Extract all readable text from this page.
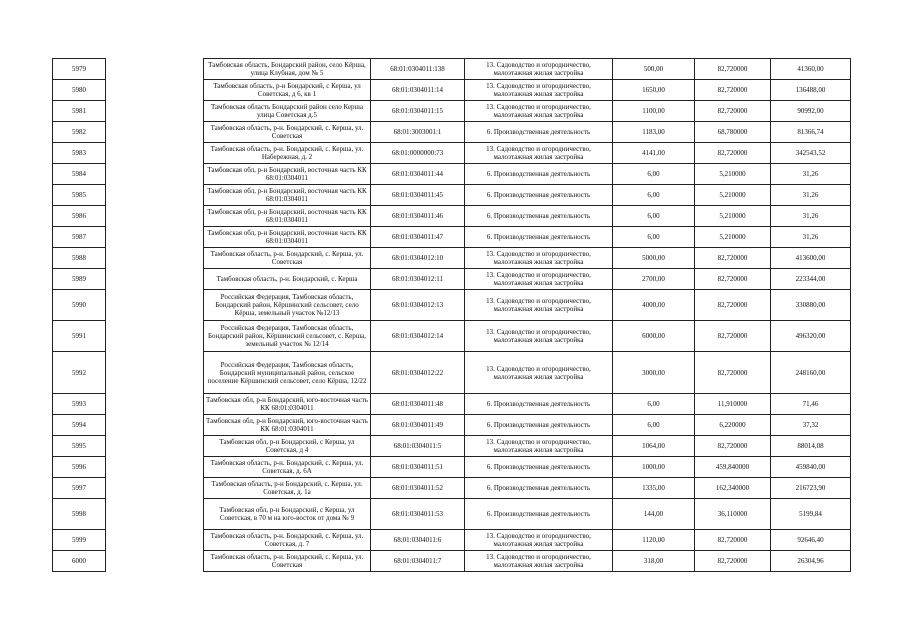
5979		Тамбовская область, Бондарский район, село Кёрша, улица Клубная, дом № 5	68:01:0304011:138	13. Садоводство и огородничество, малоэтажная жилая застройка	500,00	82,720000	41360,00
5980		Тамбовская область, р-н Бондарский, с Керша, ул Советская, д 6, кв 1	68:01:0304011:14	13. Садоводство и огородничество, малоэтажная жилая застройка	1650,00	82,720000	136488,00
5981		Тамбовская область Бондарский район село Керша улица Советская д.5	68:01:0304011:15	13. Садоводство и огородничество, малоэтажная жилая застройка	1100,00	82,720000	90992,00
5982		Тамбовская область, р-н. Бондарский, с. Керша, ул. Советская	68:01:3003001:1	6. Производственная деятельность	1183,00	68,780000	81366,74
5983		Тамбовская область, р-н. Бондарский, с. Керша, ул. Набережная, д. 2	68:01:0000000:73	13. Садоводство и огородничество, малоэтажная жилая застройка	4141,00	82,720000	342543,52
5984		Тамбовская обл, р-н Бондарский, восточная часть КК 68:01:0304011	68:01:0304011:44	6. Производственная деятельность	6,00	5,210000	31,26
5985		Тамбовская обл, р-н Бондарский, восточная часть КК 68:01:0304011	68:01:0304011:45	6. Производственная деятельность	6,00	5,210000	31,26
5986		Тамбовская обл, р-н Бондарский, восточная часть КК 68:01:0304011	68:01:0304011:46	6. Производственная деятельность	6,00	5,210000	31,26
5987		Тамбовская обл, р-н Бондарский, восточная часть КК 68:01:0304011	68:01:0304011:47	6. Производственная деятельность	6,00	5,210000	31,26
5988		Тамбовская область, р-н. Бондарский, с. Керша, ул. Советская	68:01:0304012:10	13. Садоводство и огородничество, малоэтажная жилая застройка	5000,00	82,720000	413600,00
5989		Тамбовская область, р-н. Бондарский, с. Керша	68:01:0304012:11	13. Садоводство и огородничество, малоэтажная жилая застройка	2700,00	82,720000	223344,00
5990		Российская Федерация, Тамбовская область, Бондарский район, Кёршинский сельсовет, село Кёрша, земельный участок №12/13	68:01:0304012:13	13. Садоводство и огородничество, малоэтажная жилая застройка	4000,00	82,720000	330880,00
5991		Российская Федерация, Тамбовская область, Бондарский район, Кёршинский сельсовет, с. Керша, земельный участок № 12/14	68:01:0304012:14	13. Садоводство и огородничество, малоэтажная жилая застройка	6000,00	82,720000	496320,00
5992		Российская Федерация, Тамбовская область, Бондарский муниципальный район, сельское поселение Кёршинский сельсовет, село Кёрша, 12/22	68:01:0304012:22	13. Садоводство и огородничество, малоэтажная жилая застройка	3000,00	82,720000	248160,00
5993		Тамбовская обл, р-н Бондарский, юго-восточная часть КК 68:01:0304011	68:01:0304011:48	6. Производственная деятельность	6,00	11,910000	71,46
5994		Тамбовская обл, р-н Бондарский, юго-восточная часть КК 68:01:0304011	68:01:0304011:49	6. Производственная деятельность	6,00	6,220000	37,32
5995		Тамбовская обл, р-н Бондарский, с Керша, ул Советская, д 4	68:01:0304011:5	13. Садоводство и огородничество, малоэтажная жилая застройка	1064,00	82,720000	88014,08
5996		Тамбовская область, р-н. Бондарский, с. Керша, ул. Советская, д. 6А	68:01:0304011:51	6. Производственная деятельность	1000,00	459,840000	459840,00
5997		Тамбовская область, р-н Бондарский, с. Керша, ул. Советская, д. 1а	68:01:0304011:52	6. Производственная деятельность	1335,00	162,340000	216723,90
5998		Тамбовская обл, р-н Бондарский, с Керша, ул Советская, в 70 м на юго-восток от дома № 9	68:01:0304011:53	6. Производственная деятельность	144,00	36,110000	5199,84
5999		Тамбовская область, р-н. Бондарский, с. Керша, ул. Советская, д. 7	68:01:0304011:6	13. Садоводство и огородничество, малоэтажная жилая застройка	1120,00	82,720000	92646,40
6000		Тамбовская область, р-н. Бондарский, с. Керша, ул. Советская	68:01:0304011:7	13. Садоводство и огородничество, малоэтажная жилая застройка	318,00	82,720000	26304,96
